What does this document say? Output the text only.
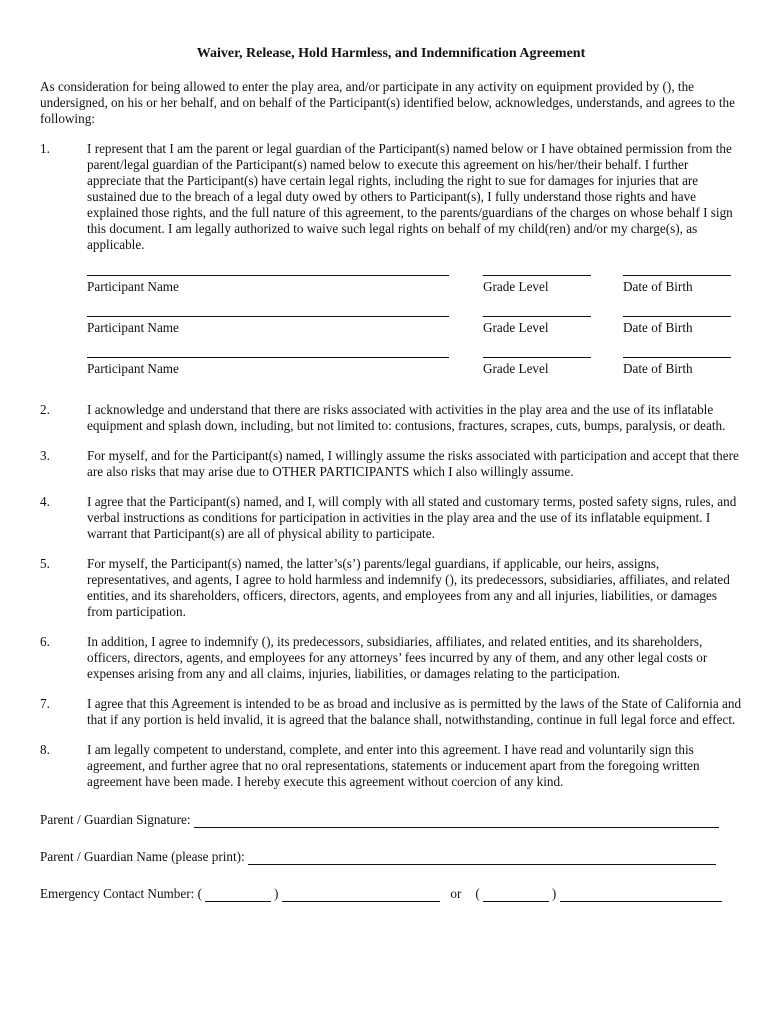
Waiver, Release, Hold Harmless, and Indemnification Agreement
As consideration for being allowed to enter the play area, and/or participate in any activity on equipment provided by (), the undersigned, on his or her behalf, and on behalf of the Participant(s) identified below, acknowledges, understands, and agrees to the following:
1.	I represent that I am the parent or legal guardian of the Participant(s) named below or I have obtained permission from the parent/legal guardian of the Participant(s) named below to execute this agreement on his/her/their behalf. I further appreciate that the Participant(s) have certain legal rights, including the right to sue for damages for injuries that are sustained due to the breach of a legal duty owed by others to Participant(s), I fully understand those rights and have explained those rights, and the full nature of this agreement, to the parents/guardians of the charges on whose behalf I sign this document. I am legally authorized to waive such legal rights on behalf of my child(ren) and/or my charge(s), as applicable.
Participant Name	Grade Level	Date of Birth
Participant Name	Grade Level	Date of Birth
Participant Name	Grade Level	Date of Birth
2.	I acknowledge and understand that there are risks associated with activities in the play area and the use of its inflatable equipment and splash down, including, but not limited to: contusions, fractures, scrapes, cuts, bumps, paralysis, or death.
3.	For myself, and for the Participant(s) named, I willingly assume the risks associated with participation and accept that there are also risks that may arise due to OTHER PARTICIPANTS which I also willingly assume.
4.	I agree that the Participant(s) named, and I, will comply with all stated and customary terms, posted safety signs, rules, and verbal instructions as conditions for participation in activities in the play area and the use of its inflatable equipment. I warrant that Participant(s) are all of physical ability to participate.
5.	For myself, the Participant(s) named, the latter’s(s’) parents/legal guardians, if applicable, our heirs, assigns, representatives, and agents, I agree to hold harmless and indemnify (), its predecessors, subsidiaries, affiliates, and related entities, and its shareholders, officers, directors, agents, and employees from any and all injuries, liabilities, or damages from participation.
6.	In addition, I agree to indemnify (), its predecessors, subsidiaries, affiliates, and related entities, and its shareholders, officers, directors, agents, and employees for any attorneys’ fees incurred by any of them, and any other legal costs or expenses arising from any and all claims, injuries, liabilities, or damages relating to the participation.
7.	I agree that this Agreement is intended to be as broad and inclusive as is permitted by the laws of the State of California and that if any portion is held invalid, it is agreed that the balance shall, notwithstanding, continue in full legal force and effect.
8.	I am legally competent to understand, complete, and enter into this agreement. I have read and voluntarily sign this agreement, and further agree that no oral representations, statements or inducement apart from the foregoing written agreement have been made. I hereby execute this agreement without coercion of any kind.
Parent / Guardian Signature:
Parent / Guardian Name (please print):
Emergency Contact Number: (	)	or (	)
